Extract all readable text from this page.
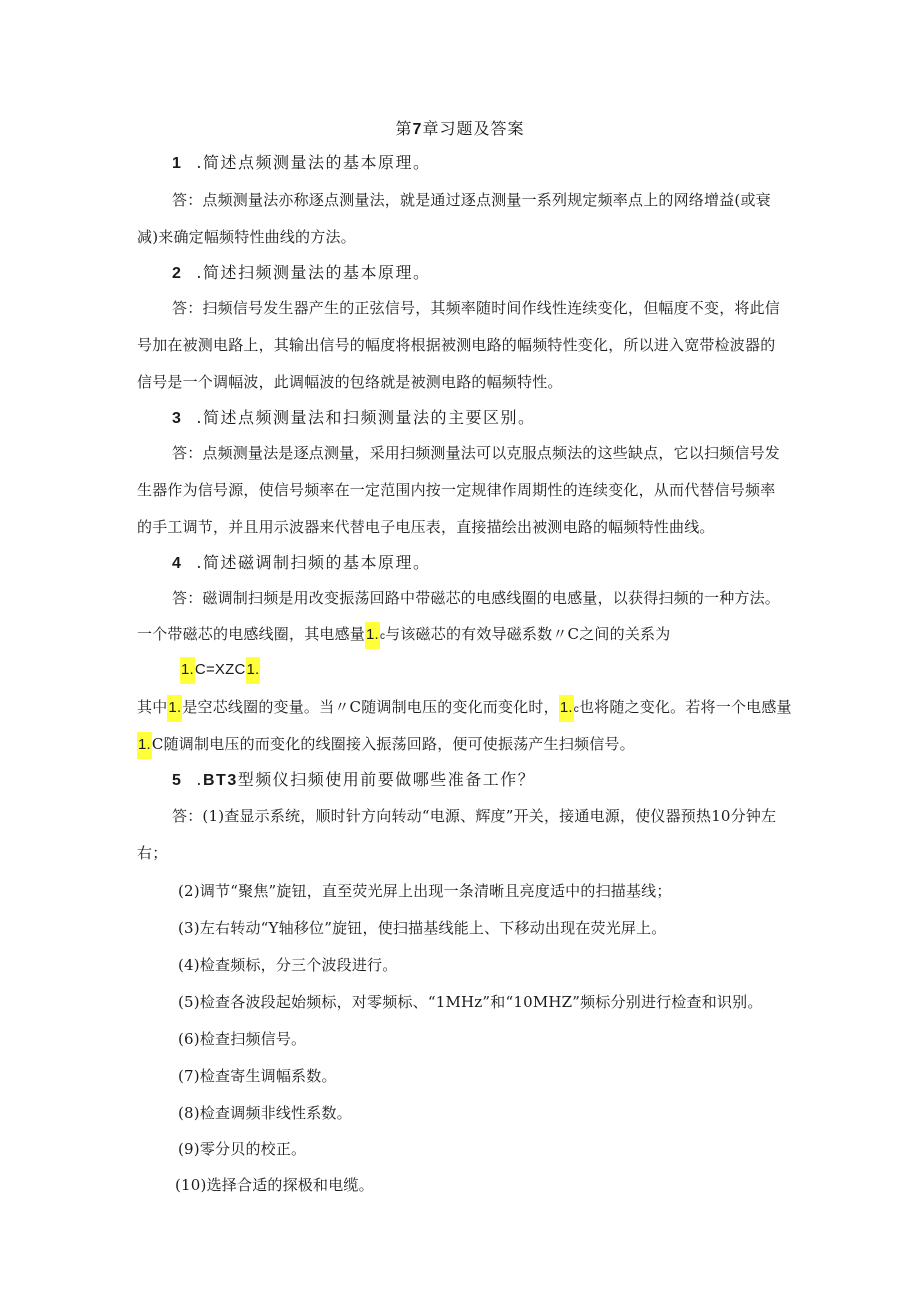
第7章习题及答案
1 .简述点频测量法的基本原理。
答：点频测量法亦称逐点测量法，就是通过逐点测量一系列规定频率点上的网络增益(或衰
减)来确定幅频特性曲线的方法。
2 .简述扫频测量法的基本原理。
答：扫频信号发生器产生的正弦信号，其频率随时间作线性连续变化，但幅度不变，将此信
号加在被测电路上，其输出信号的幅度将根据被测电路的幅频特性变化，所以进入宽带检波器的
信号是一个调幅波，此调幅波的包络就是被测电路的幅频特性。
3 .简述点频测量法和扫频测量法的主要区别。
答：点频测量法是逐点测量，采用扫频测量法可以克服点频法的这些缺点，它以扫频信号发
生器作为信号源，使信号频率在一定范围内按一定规律作周期性的连续变化，从而代替信号频率
的手工调节，并且用示波器来代替电子电压表，直接描绘出被测电路的幅频特性曲线。
4 .简述磁调制扫频的基本原理。
答：磁调制扫频是用改变振荡回路中带磁芯的电感线圈的电感量，以获得扫频的一种方法。
一个带磁芯的电感线圈，其电感量1.c与该磁芯的有效导磁系数〃C之间的关系为
1.C=XZC1.
其中1.是空芯线圈的变量。当〃C随调制电压的变化而变化时，1.c也将随之变化。若将一个电感量
1.C随调制电压的而变化的线圈接入振荡回路，便可使振荡产生扫频信号。
5 .BT3型频仪扫频使用前要做哪些准备工作？
答：(1)查显示系统，顺时针方向转动“电源、辉度”开关，接通电源，使仪器预热10分钟左
右；
(2)调节“聚焦”旋钮，直至荧光屏上出现一条清晰且亮度适中的扫描基线；
(3)左右转动“Y轴移位”旋钮，使扫描基线能上、下移动出现在荧光屏上。
(4)检查频标，分三个波段进行。
(5)检查各波段起始频标，对零频标、“1MHz”和“10MHZ”频标分别进行检查和识别。
(6)检查扫频信号。
(7)检查寄生调幅系数。
(8)检查调频非线性系数。
(9)零分贝的校正。
(10)选择合适的探极和电缆。
